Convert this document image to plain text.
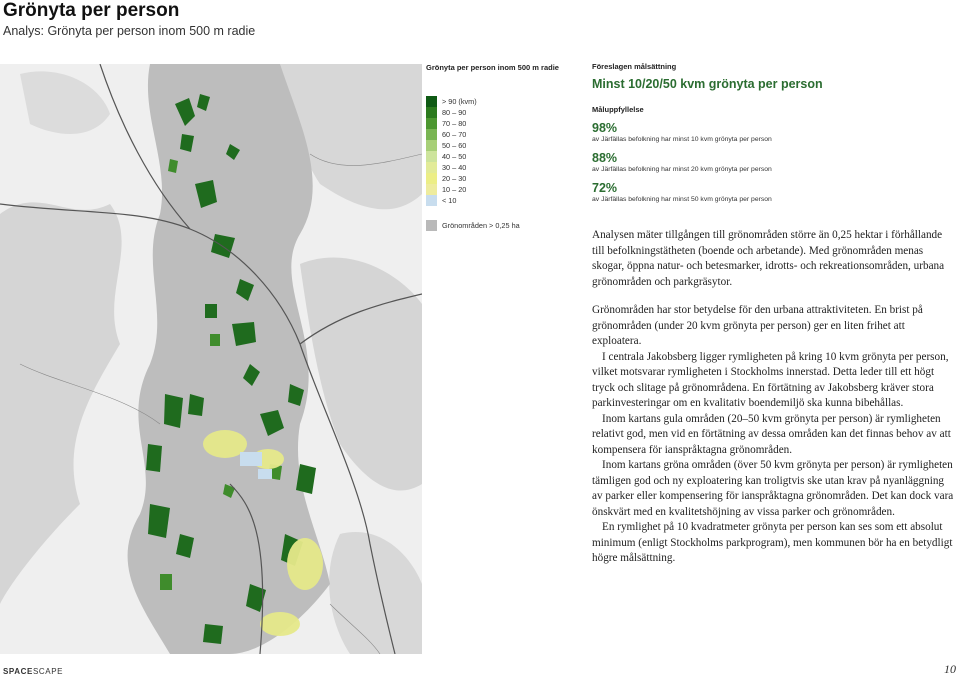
Grönyta per person
Analys: Grönyta per person inom 500 m radie
Grönyta per person inom 500 m radie
> 90 (kvm)
80 – 90
70 – 80
60 – 70
50 – 60
40 – 50
30 – 40
20 – 30
10 – 20
< 10
Grönområden > 0,25 ha
Föreslagen målsättning
Minst 10/20/50 kvm grönyta per person
Måluppfyllelse
98%
av Järfällas befolkning har minst 10 kvm grönyta per person
88%
av Järfällas befolkning har minst 20 kvm grönyta per person
72%
av Järfällas befolkning har minst 50 kvm grönyta per person

Analysen mäter tillgången till grönområden större än 0,25 hektar i förhållande till befolkningstätheten (boende och arbetande). Med grönområden menas skogar, öppna natur- och betesmarker, idrotts- och rekreationsområden, urbana grönområden och parkgräsytor.

Grönområden har stor betydelse för den urbana attraktiviteten. En brist på grönområden (under 20 kvm grönyta per person) ger en liten frihet att exploatera.

I centrala Jakobsberg ligger rymligheten på kring 10 kvm grönyta per person, vilket motsvarar rymligheten i Stockholms innerstad. Detta leder till ett högt tryck och slitage på grönområdena. En förtätning av Jakobsberg kräver stora parkinvesteringar om en kvalitativ boendemiljö ska kunna bibehållas.

Inom kartans gula områden (20–50 kvm grönyta per person) är rymligheten relativt god, men vid en förtätning av dessa områden kan det finnas behov av att kompensera för ianspråktagna grönområden.

Inom kartans gröna områden (över 50 kvm grönyta per person) är rymligheten tämligen god och ny exploatering kan troligtvis ske utan krav på nyanläggning av parker eller kompensering för ianspråktagna grönområden. Det kan dock vara önskvärt med en kvalitetshöjning av vissa parker och grönområden.

En rymlighet på 10 kvadratmeter grönyta per person kan ses som ett absolut minimum (enligt Stockholms parkprogram), men kommunen bör ha en betydligt högre målsättning.

SPACESCAPE	10
